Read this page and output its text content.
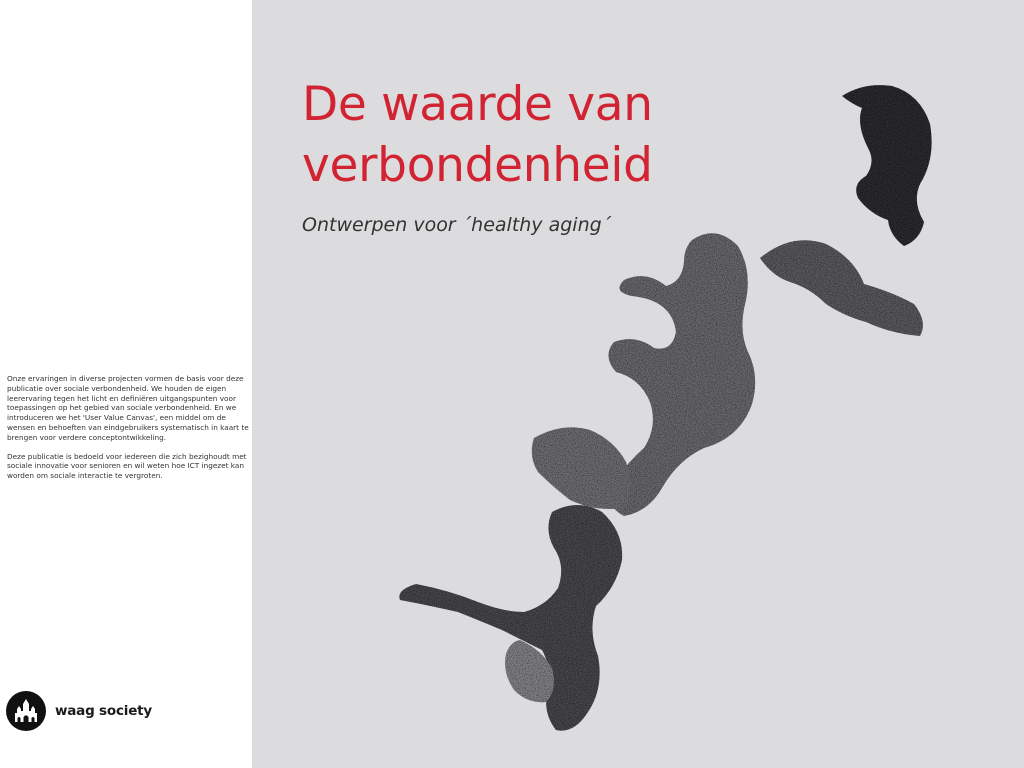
Onze ervaringen in diverse projecten vormen de basis voor deze publicatie over sociale verbondenheid. We houden de eigen leerervaring tegen het licht en definiëren uitgangspunten voor toepassingen op het gebied van sociale verbondenheid. En we introduceren we het 'User Value Canvas', een middel om de wensen en behoeften van eindgebruikers systematisch in kaart te brengen voor verdere conceptontwikkeling.

Deze publicatie is bedoeld voor iedereen die zich bezighoudt met sociale innovatie voor senioren en wil weten hoe ICT ingezet kan worden om sociale interactie te vergroten.

waag society
De waarde van
verbondenheid

Ontwerpen voor ´healthy aging´
